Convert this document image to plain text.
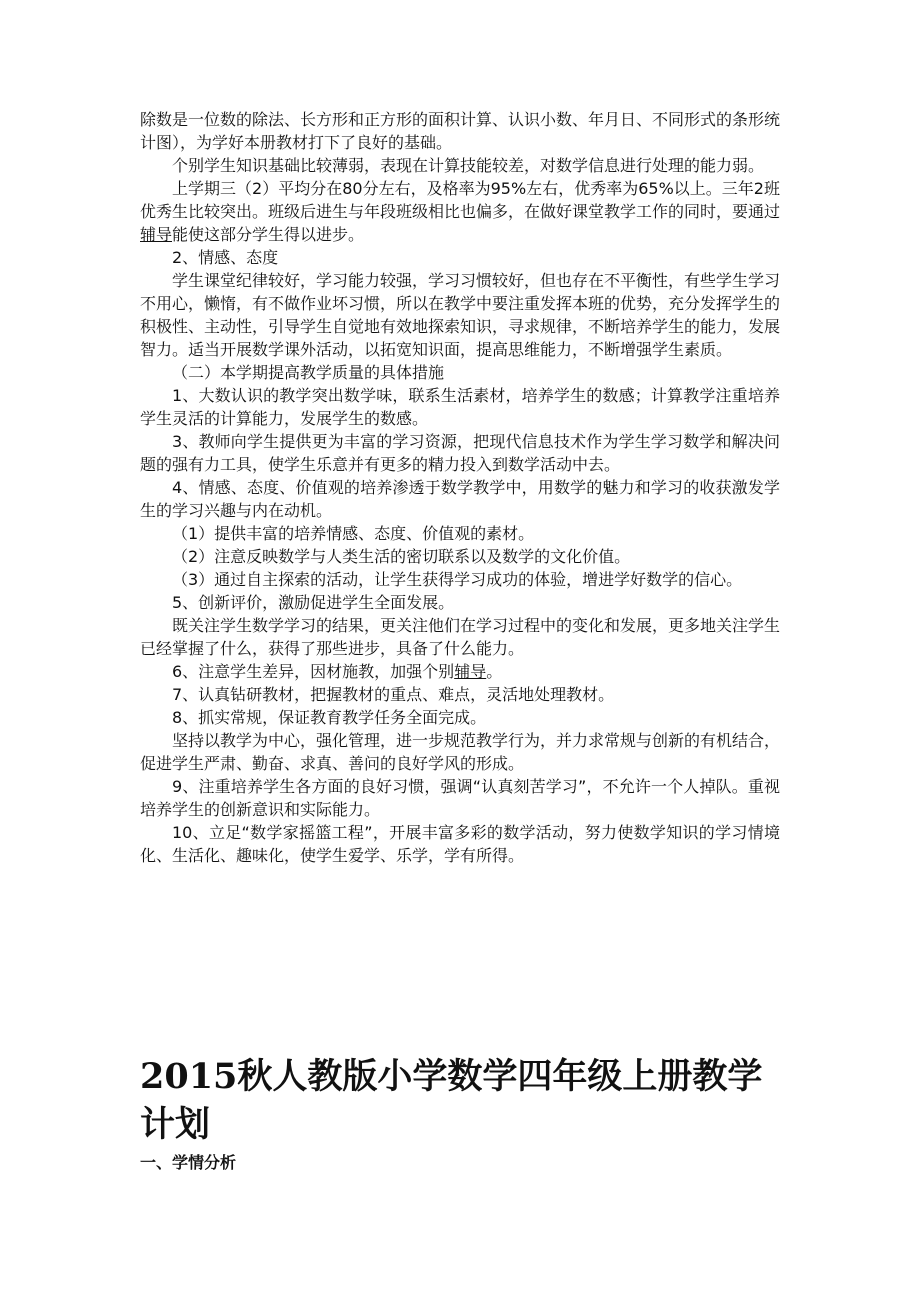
除数是一位数的除法、长方形和正方形的面积计算、认识小数、年月日、不同形式的条形统计图），为学好本册教材打下了良好的基础。

个别学生知识基础比较薄弱，表现在计算技能较差，对数学信息进行处理的能力弱。

上学期三（2）平均分在80分左右，及格率为95%左右，优秀率为65%以上。三年2班优秀生比较突出。班级后进生与年段班级相比也偏多，在做好课堂教学工作的同时，要通过辅导能使这部分学生得以进步。

2、情感、态度

学生课堂纪律较好，学习能力较强，学习习惯较好，但也存在不平衡性，有些学生学习不用心，懒惰，有不做作业坏习惯，所以在教学中要注重发挥本班的优势，充分发挥学生的积极性、主动性，引导学生自觉地有效地探索知识，寻求规律，不断培养学生的能力，发展智力。适当开展数学课外活动，以拓宽知识面，提高思维能力，不断增强学生素质。

（二）本学期提高教学质量的具体措施

1、大数认识的教学突出数学味，联系生活素材，培养学生的数感；计算教学注重培养学生灵活的计算能力，发展学生的数感。

3、教师向学生提供更为丰富的学习资源，把现代信息技术作为学生学习数学和解决问题的强有力工具，使学生乐意并有更多的精力投入到数学活动中去。

4、情感、态度、价值观的培养渗透于数学教学中，用数学的魅力和学习的收获激发学生的学习兴趣与内在动机。

（1）提供丰富的培养情感、态度、价值观的素材。

（2）注意反映数学与人类生活的密切联系以及数学的文化价值。

（3）通过自主探索的活动，让学生获得学习成功的体验，增进学好数学的信心。

5、创新评价，激励促进学生全面发展。

既关注学生数学学习的结果，更关注他们在学习过程中的变化和发展，更多地关注学生已经掌握了什么，获得了那些进步，具备了什么能力。

6、注意学生差异，因材施教，加强个别辅导。

7、认真钻研教材，把握教材的重点、难点，灵活地处理教材。

8、抓实常规，保证教育教学任务全面完成。

坚持以教学为中心，强化管理，进一步规范教学行为，并力求常规与创新的有机结合，促进学生严肃、勤奋、求真、善问的良好学风的形成。

9、注重培养学生各方面的良好习惯，强调“认真刻苦学习”，不允许一个人掉队。重视培养学生的创新意识和实际能力。

10、立足“数学家摇篮工程”，开展丰富多彩的数学活动，努力使数学知识的学习情境化、生活化、趣味化，使学生爱学、乐学，学有所得。

2015秋人教版小学数学四年级上册教学计划
一、学情分析
